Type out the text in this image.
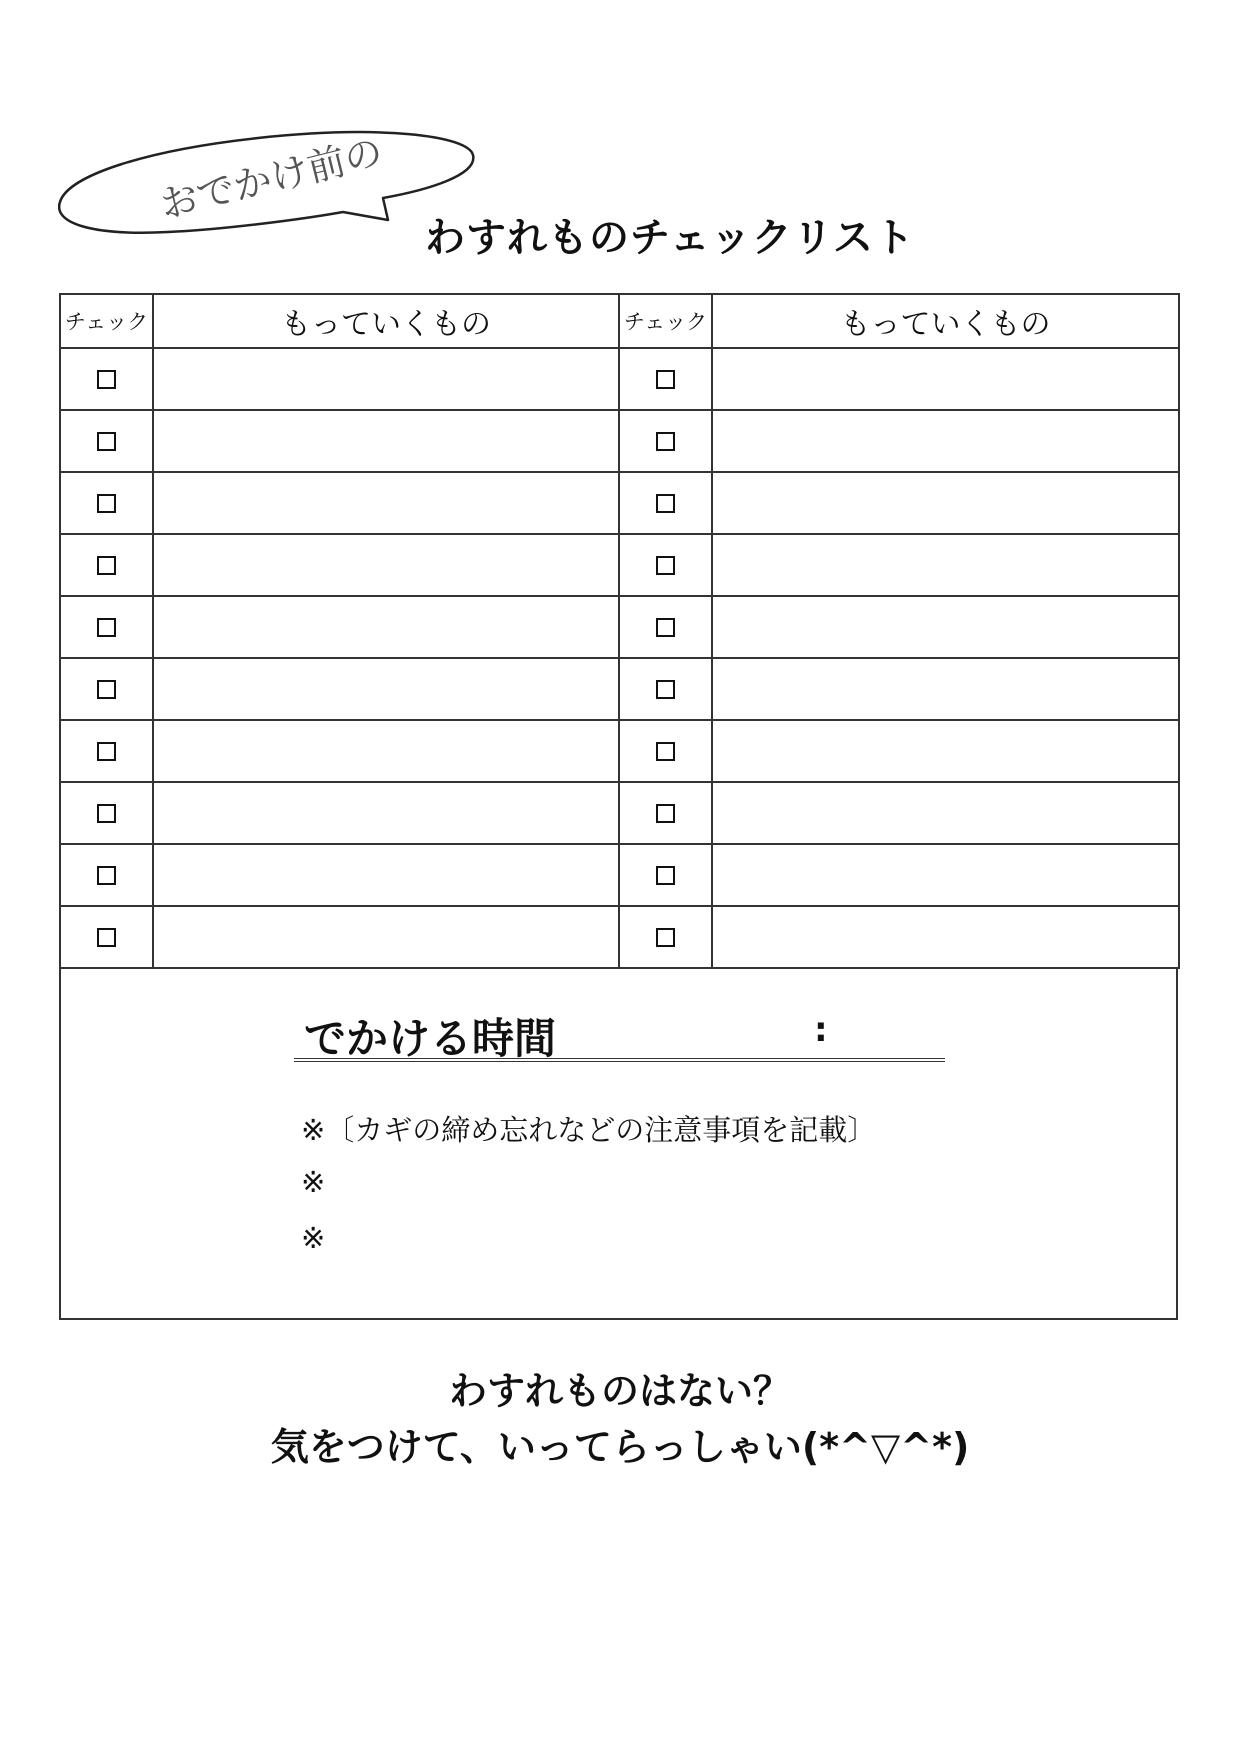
おでかけ前の
わすれものチェックリスト
チェック	もっていくもの	チェック	もっていくもの

でかける時間	:
※〔カギの締め忘れなどの注意事項を記載〕
※
※
わすれものはない？
気をつけて、いってらっしゃい(*^▽^*)
